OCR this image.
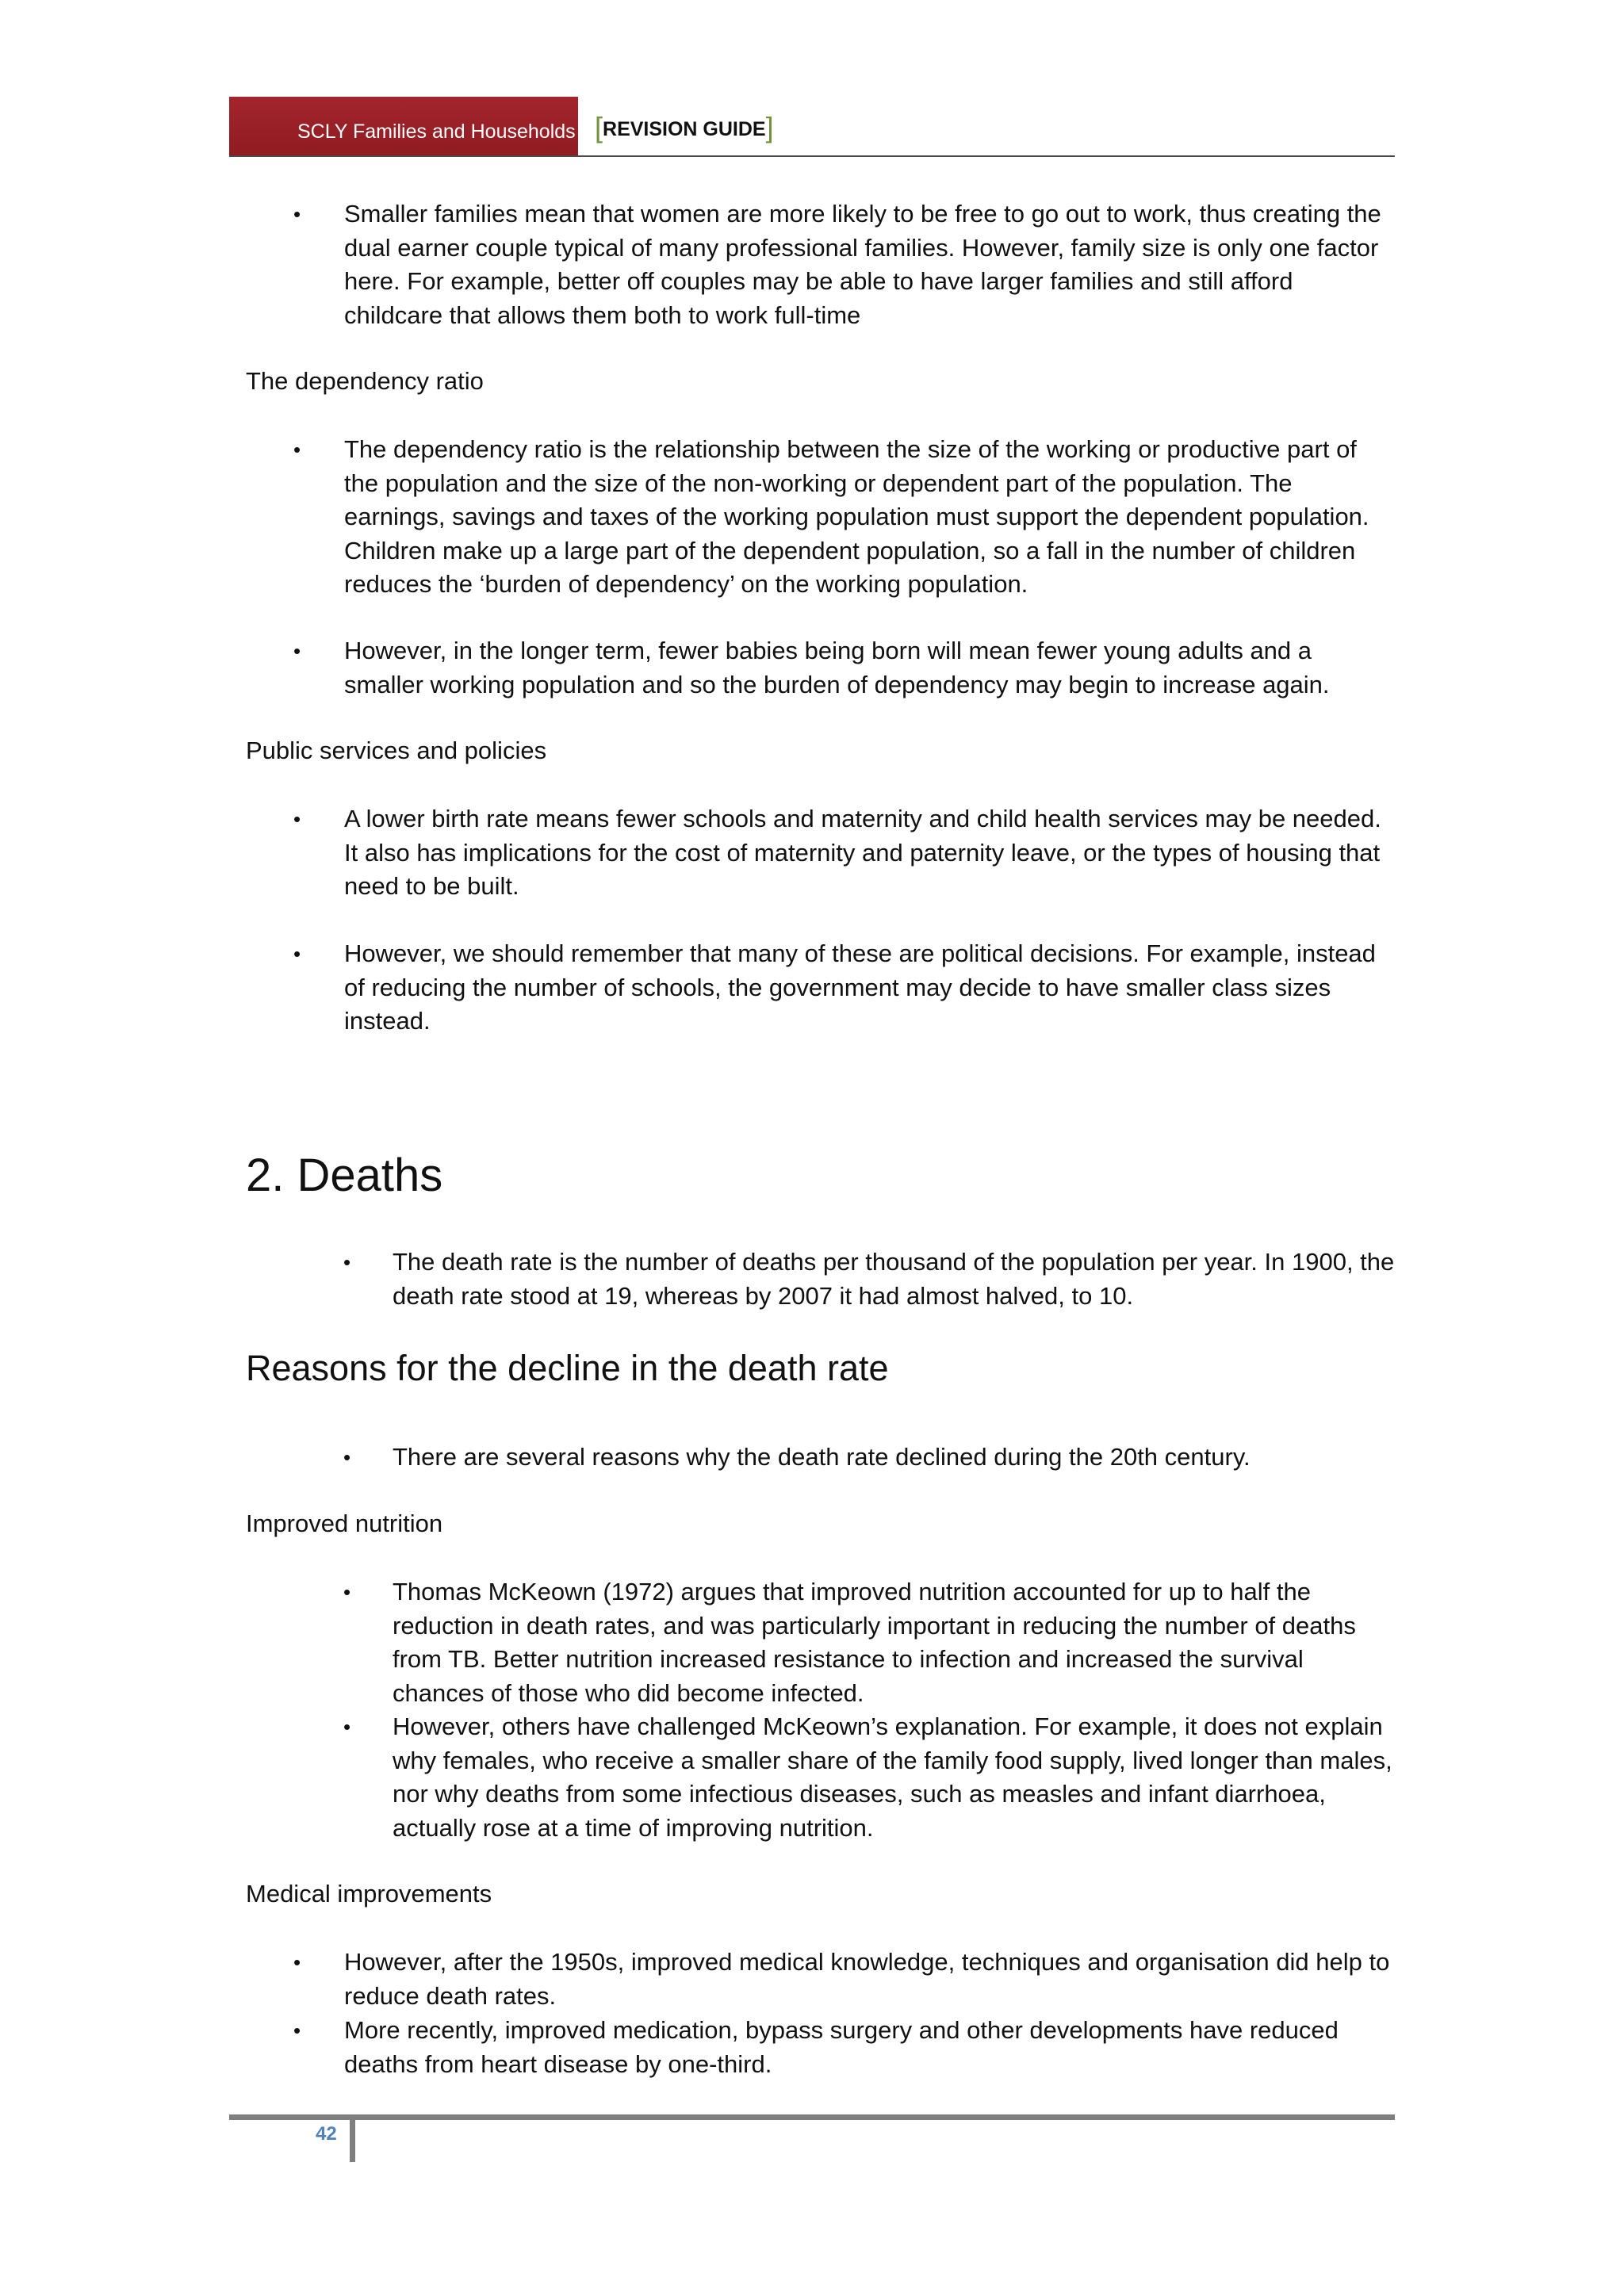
SCLY Families and Households [REVISION GUIDE]
• Smaller families mean that women are more likely to be free to go out to work, thus creating the dual earner couple typical of many professional families. However, family size is only one factor here. For example, better off couples may be able to have larger families and still afford childcare that allows them both to work full-time
The dependency ratio
• The dependency ratio is the relationship between the size of the working or productive part of the population and the size of the non-working or dependent part of the population. The earnings, savings and taxes of the working population must support the dependent population. Children make up a large part of the dependent population, so a fall in the number of children reduces the ‘burden of dependency’ on the working population.
• However, in the longer term, fewer babies being born will mean fewer young adults and a smaller working population and so the burden of dependency may begin to increase again.
Public services and policies
• A lower birth rate means fewer schools and maternity and child health services may be needed. It also has implications for the cost of maternity and paternity leave, or the types of housing that need to be built.
• However, we should remember that many of these are political decisions. For example, instead of reducing the number of schools, the government may decide to have smaller class sizes instead.
2. Deaths
• The death rate is the number of deaths per thousand of the population per year. In 1900, the death rate stood at 19, whereas by 2007 it had almost halved, to 10.
Reasons for the decline in the death rate
• There are several reasons why the death rate declined during the 20th century.
Improved nutrition
• Thomas McKeown (1972) argues that improved nutrition accounted for up to half the reduction in death rates, and was particularly important in reducing the number of deaths from TB. Better nutrition increased resistance to infection and increased the survival chances of those who did become infected.
• However, others have challenged McKeown’s explanation. For example, it does not explain why females, who receive a smaller share of the family food supply, lived longer than males, nor why deaths from some infectious diseases, such as measles and infant diarrhoea, actually rose at a time of improving nutrition.
Medical improvements
• However, after the 1950s, improved medical knowledge, techniques and organisation did help to reduce death rates.
• More recently, improved medication, bypass surgery and other developments have reduced deaths from heart disease by one-third.
42
